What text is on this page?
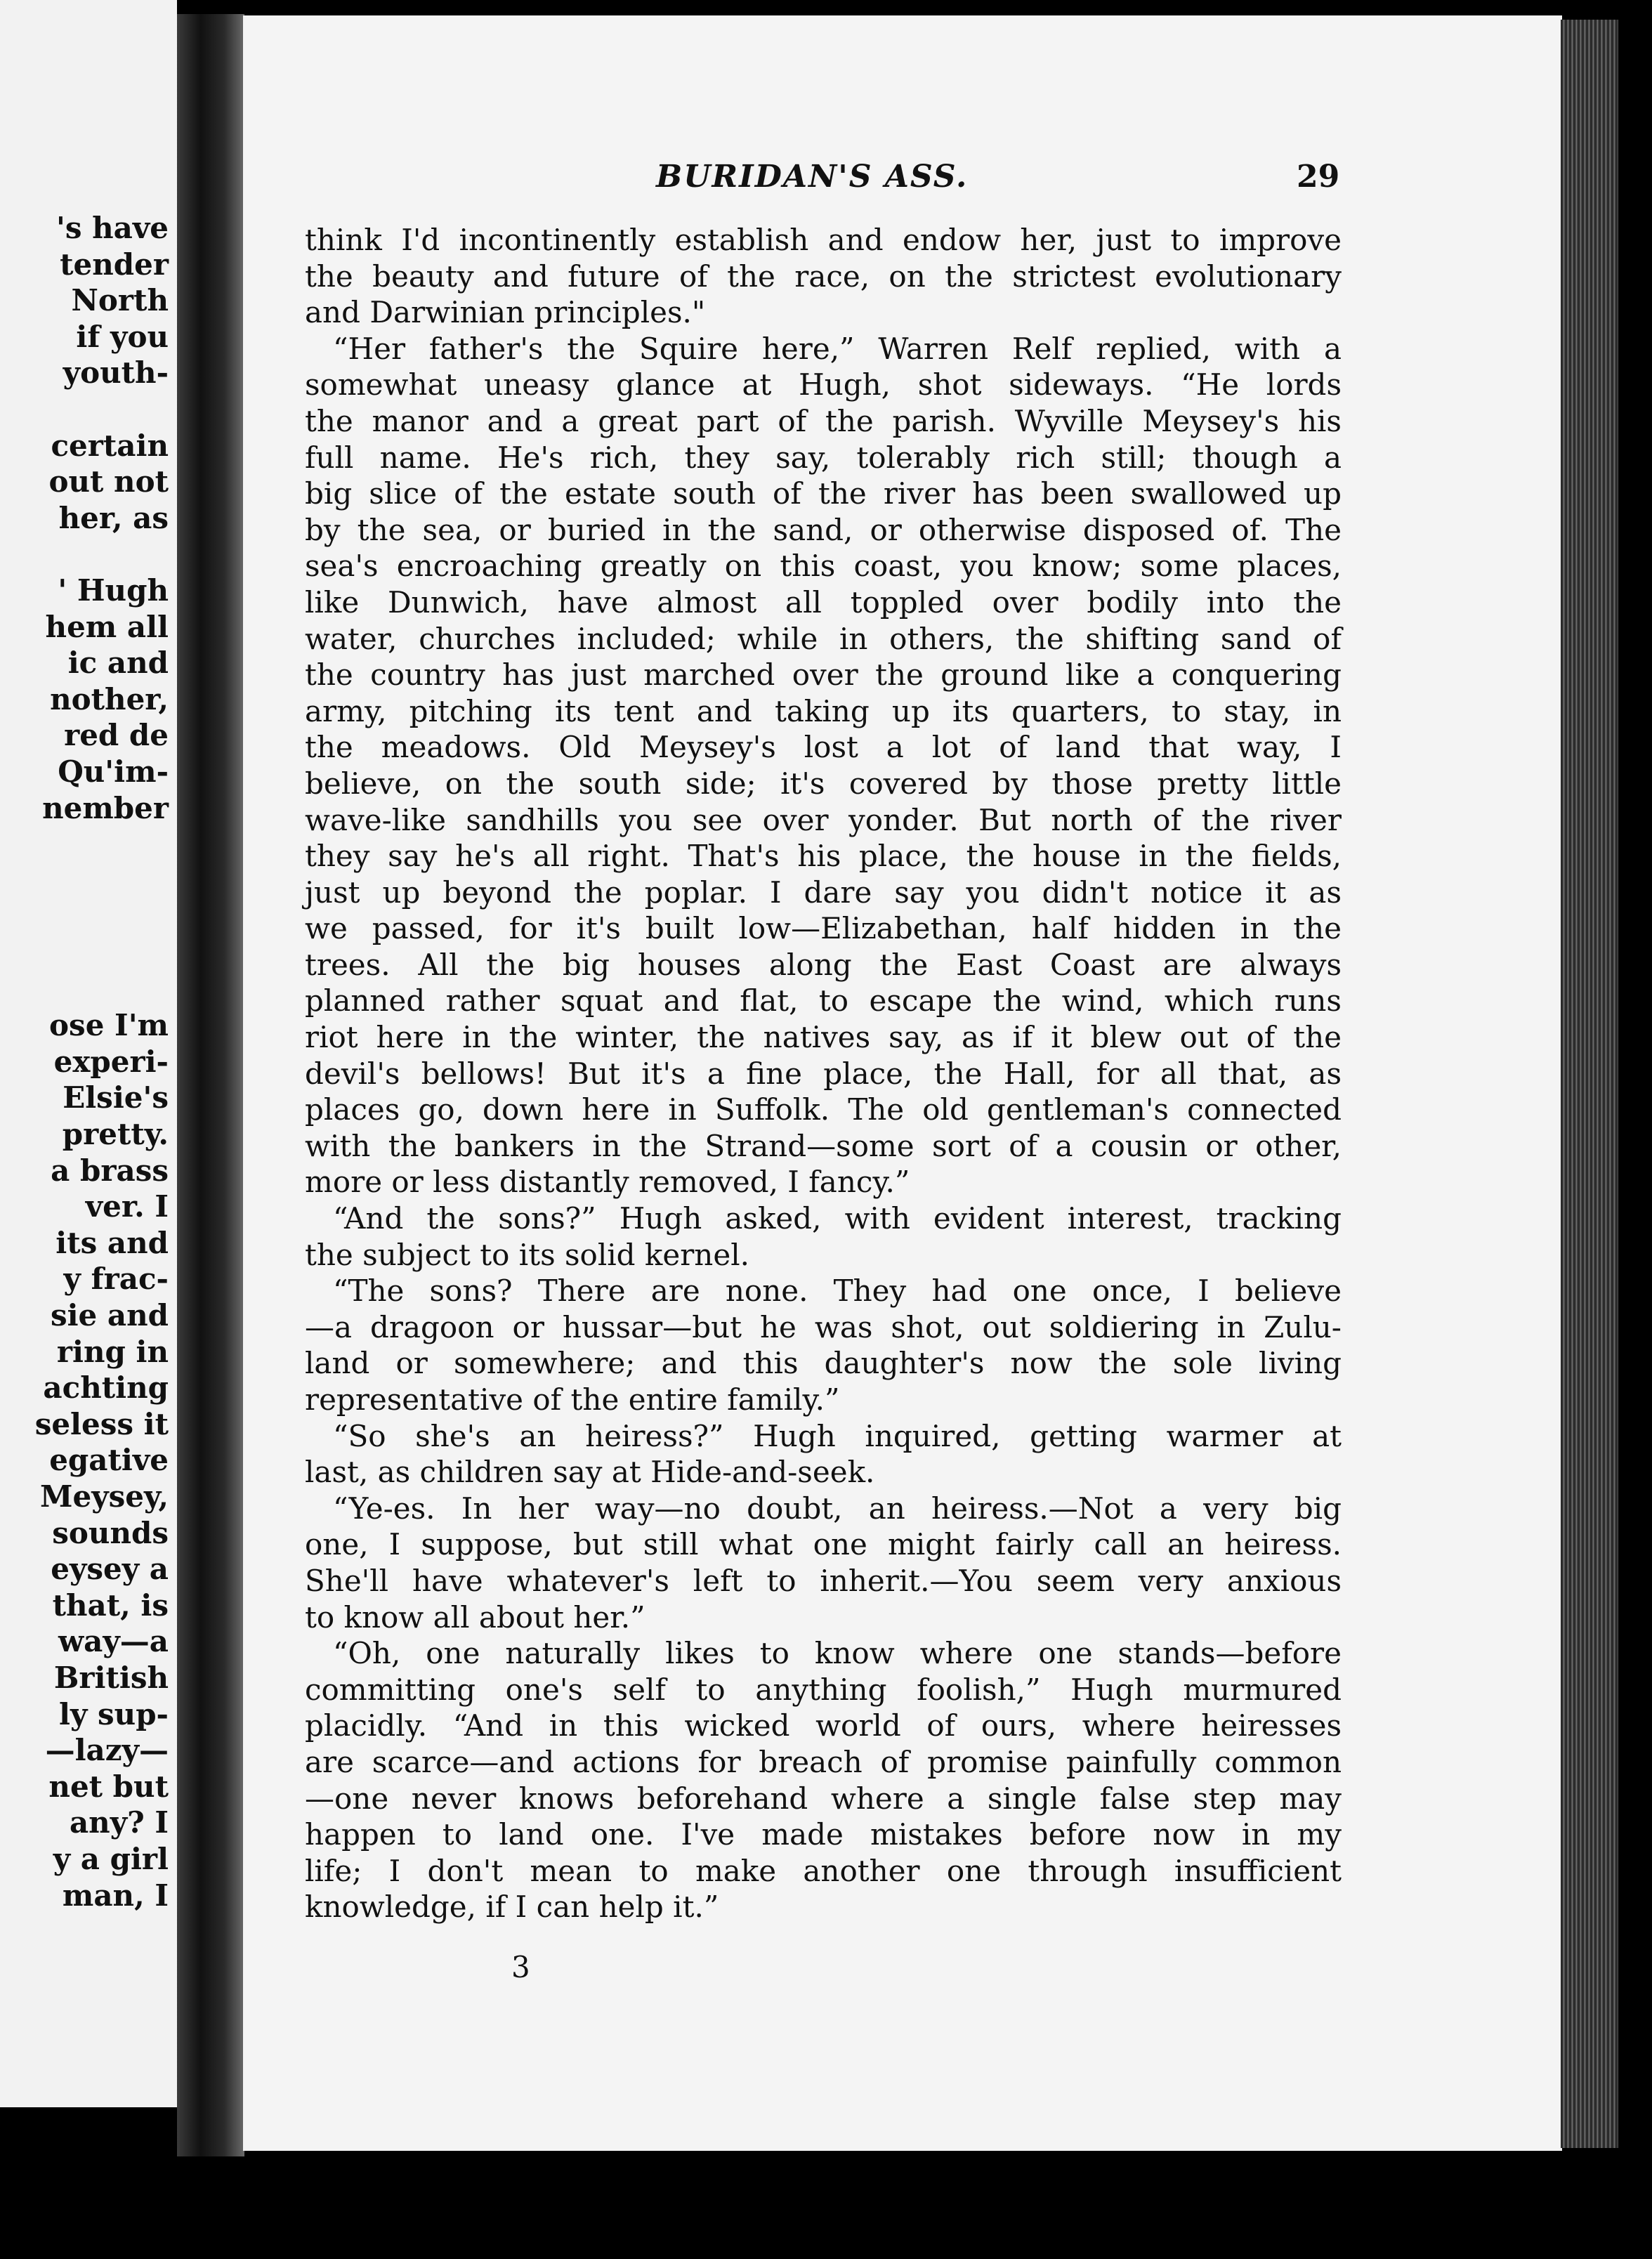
's have
tender
North
if you
youth-
certain
out not
her, as
' Hugh
hem all
ic and
nother,
red de
Qu'im-
nember
ose I'm
experi-
Elsie's
pretty.
a brass
ver. I
its and
y frac-
sie and
ring in
achting
seless it
egative
Meysey,
sounds
eysey a
that, is
way—a
British
ly sup-
—lazy—
net but
any? I
y a girl
man, I
BURIDAN'S ASS.	29
think I'd incontinently establish and endow her, just to improve
the beauty and future of the race, on the strictest evolutionary
and Darwinian principles."
“Her father's the Squire here,” Warren Relf replied, with a
somewhat uneasy glance at Hugh, shot sideways. “He lords
the manor and a great part of the parish. Wyville Meysey's his
full name. He's rich, they say, tolerably rich still; though a
big slice of the estate south of the river has been swallowed up
by the sea, or buried in the sand, or otherwise disposed of. The
sea's encroaching greatly on this coast, you know; some places,
like Dunwich, have almost all toppled over bodily into the
water, churches included; while in others, the shifting sand of
the country has just marched over the ground like a conquering
army, pitching its tent and taking up its quarters, to stay, in
the meadows. Old Meysey's lost a lot of land that way, I
believe, on the south side; it's covered by those pretty little
wave-like sandhills you see over yonder. But north of the river
they say he's all right. That's his place, the house in the fields,
just up beyond the poplar. I dare say you didn't notice it as
we passed, for it's built low—Elizabethan, half hidden in the
trees. All the big houses along the East Coast are always
planned rather squat and flat, to escape the wind, which runs
riot here in the winter, the natives say, as if it blew out of the
devil's bellows! But it's a fine place, the Hall, for all that, as
places go, down here in Suffolk. The old gentleman's connected
with the bankers in the Strand—some sort of a cousin or other,
more or less distantly removed, I fancy.”
“And the sons?” Hugh asked, with evident interest, tracking
the subject to its solid kernel.
“The sons? There are none. They had one once, I believe
—a dragoon or hussar—but he was shot, out soldiering in Zulu-
land or somewhere; and this daughter's now the sole living
representative of the entire family.”
“So she's an heiress?” Hugh inquired, getting warmer at
last, as children say at Hide-and-seek.
“Ye-es. In her way—no doubt, an heiress.—Not a very big
one, I suppose, but still what one might fairly call an heiress.
She'll have whatever's left to inherit.—You seem very anxious
to know all about her.”
“Oh, one naturally likes to know where one stands—before
committing one's self to anything foolish,” Hugh murmured
placidly. “And in this wicked world of ours, where heiresses
are scarce—and actions for breach of promise painfully common
—one never knows beforehand where a single false step may
happen to land one. I've made mistakes before now in my
life; I don't mean to make another one through insufficient
knowledge, if I can help it.”
3
